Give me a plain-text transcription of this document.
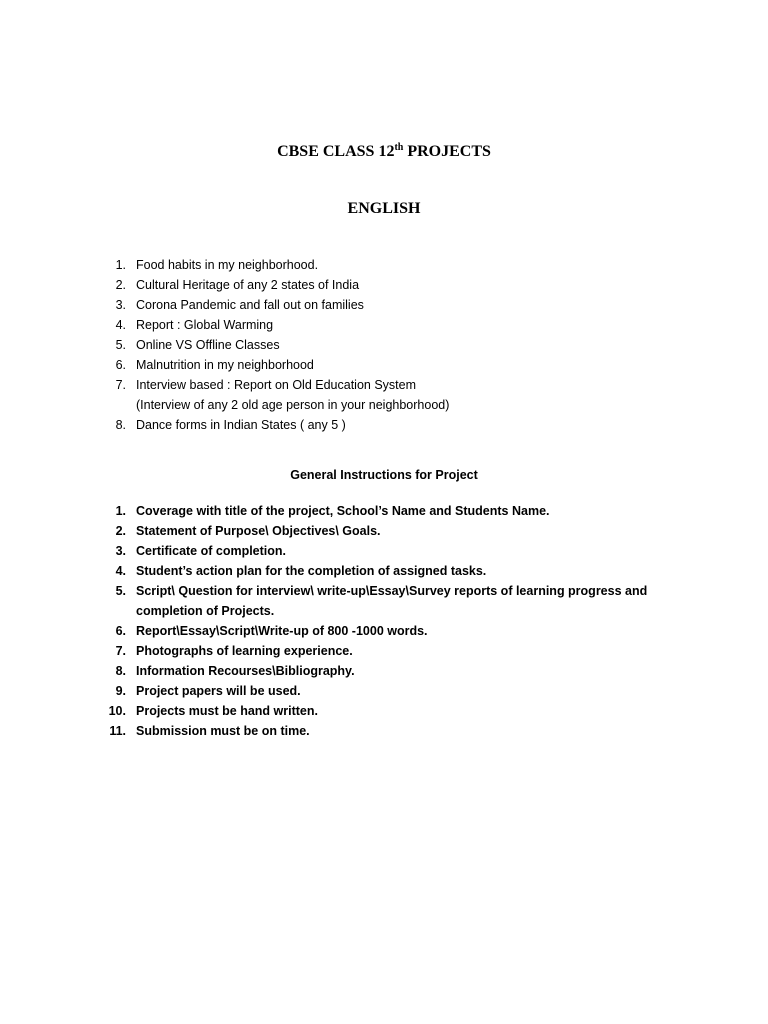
CBSE CLASS 12th PROJECTS
ENGLISH
1. Food habits in my neighborhood.
2. Cultural Heritage of any 2 states of India
3. Corona Pandemic and fall out on families
4. Report : Global Warming
5. Online VS Offline Classes
6. Malnutrition in my neighborhood
7. Interview based : Report on Old Education System
(Interview of any 2 old age person in your neighborhood)
8. Dance forms in Indian States ( any 5 )
General Instructions for Project
1. Coverage with title of the project, School’s Name and Students Name.
2. Statement of Purpose\ Objectives\ Goals.
3. Certificate of completion.
4. Student’s action plan for the completion of assigned tasks.
5. Script\ Question for interview\ write-up\Essay\Survey reports of learning progress and
completion of Projects.
6. Report\Essay\Script\Write-up of 800 -1000 words.
7. Photographs of learning experience.
8. Information Recourses\Bibliography.
9. Project papers will be used.
10. Projects must be hand written.
11. Submission must be on time.
